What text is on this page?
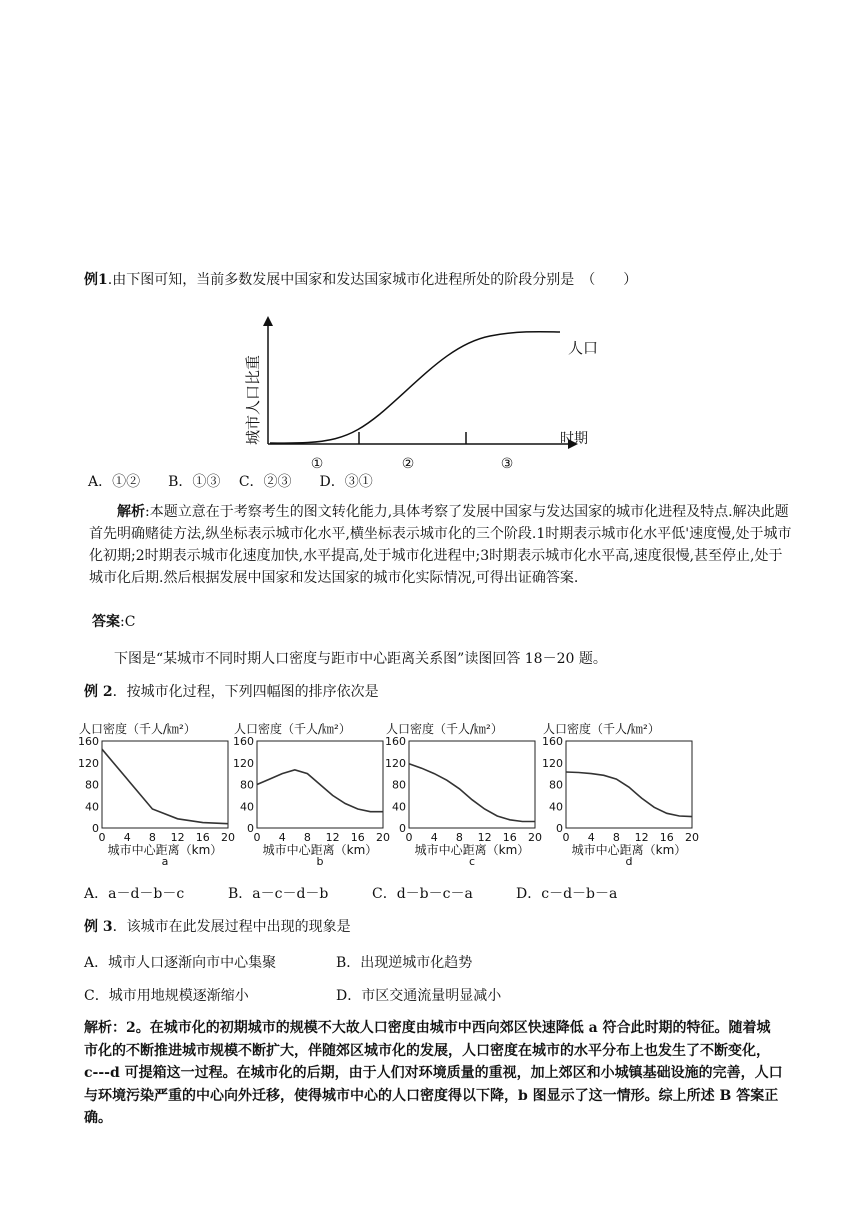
例1.由下图可知，当前多数发展中国家和发达国家城市化进程所处的阶段分别是　（　　）
城市人口比重
人口
时期
①	②	③
A．①②　　B．①③　 C．②③　　D．③①

解析:本题立意在于考察考生的图文转化能力,具体考察了发展中国家与发达国家的城市化进程及特点.解决此题首先明确赌徒方法,纵坐标表示城市化水平,横坐标表示城市化的三个阶段.1时期表示城市化水平低'速度慢,处于城市化初期;2时期表示城市化速度加快,水平提高,处于城市化进程中;3时期表示城市化水平高,速度很慢,甚至停止,处于城市化后期.然后根据发展中国家和发达国家的城市化实际情况,可得出证确答案.

答案:C
下图是“某城市不同时期人口密度与距市中心距离关系图”读图回答 18－20 题。
例 2．按城市化过程，下列四幅图的排序依次是
人口密度（千人/㎞²）
0
40
80
120
160
0 4 8 12 16 20
城市中心距离（km）
a
人口密度（千人/㎞²）
0
40
80
120
160
0 4 8 12 16 20
城市中心距离（km）
b
人口密度（千人/㎞²）
0
40
80
120
160
0 4 8 12 16 20
城市中心距离（km）
c
人口密度（千人/㎞²）
0
40
80
120
160
0 4 8 12 16 20
城市中心距离（km）
d
A．a－d－b－c	B．a－c－d－b	C．d－b－c－a	D．c－d－b－a
例 3．该城市在此发展过程中出现的现象是
A．城市人口逐渐向市中心集聚	B．出现逆城市化趋势
C．城市用地规模逐渐缩小	D．市区交通流量明显减小
解析：2。在城市化的初期城市的规模不大故人口密度由城市中西向郊区快速降低 a 符合此时期的特征。随着城市化的不断推进城市规模不断扩大，伴随郊区城市化的发展，人口密度在城市的水平分布上也发生了不断变化，c---d 可提箱这一过程。在城市化的后期，由于人们对环境质量的重视，加上郊区和小城镇基础设施的完善，人口与环境污染严重的中心向外迁移，使得城市中心的人口密度得以下降，b 图显示了这一情形。综上所述 B 答案正确。
